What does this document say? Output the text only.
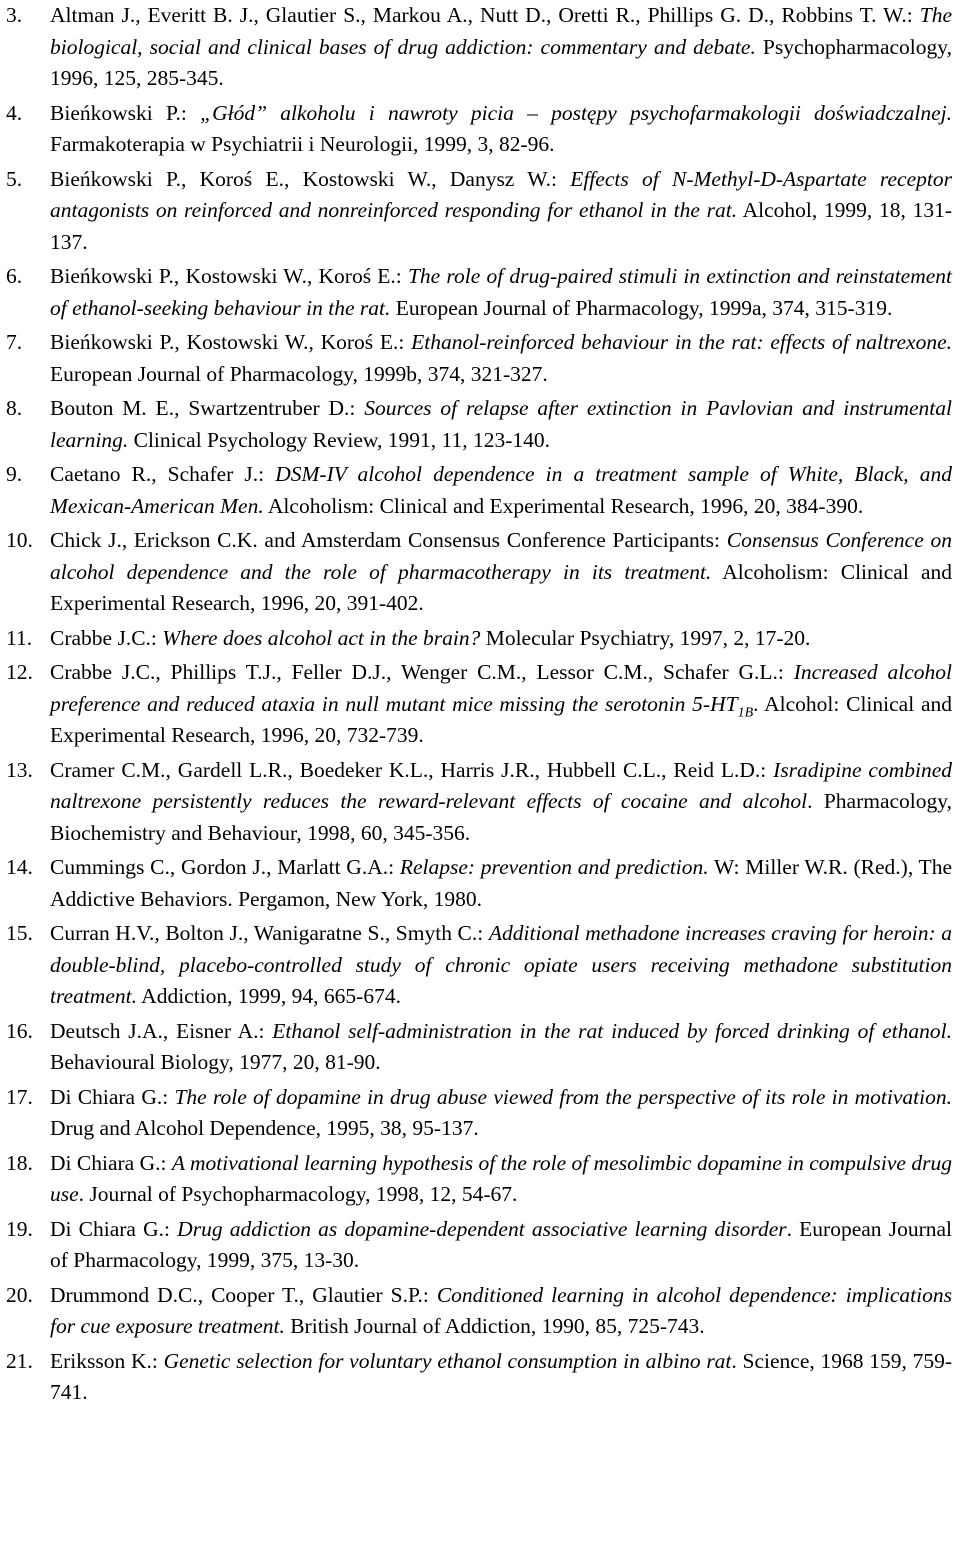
3.	Altman J., Everitt B. J., Glautier S., Markou A., Nutt D., Oretti R., Phillips G. D., Robbins T. W.: The biological, social and clinical bases of drug addiction: commentary and debate. Psychopharmacology, 1996, 125, 285-345.
4.	Bieńkowski P.: „Głód” alkoholu i nawroty picia – postępy psychofarmakologii doświadczalnej. Farmakoterapia w Psychiatrii i Neurologii, 1999, 3, 82-96.
5.	Bieńkowski P., Koroś E., Kostowski W., Danysz W.: Effects of N-Methyl-D-Aspartate receptor antagonists on reinforced and nonreinforced responding for ethanol in the rat. Alcohol, 1999, 18, 131-137.
6.	Bieńkowski P., Kostowski W., Koroś E.: The role of drug-paired stimuli in extinction and reinstatement of ethanol-seeking behaviour in the rat. European Journal of Pharmacology, 1999a, 374, 315-319.
7.	Bieńkowski P., Kostowski W., Koroś E.: Ethanol-reinforced behaviour in the rat: effects of naltrexone. European Journal of Pharmacology, 1999b, 374, 321-327.
8.	Bouton M. E., Swartzentruber D.: Sources of relapse after extinction in Pavlovian and instrumental learning. Clinical Psychology Review, 1991, 11, 123-140.
9.	Caetano R., Schafer J.: DSM-IV alcohol dependence in a treatment sample of White, Black, and Mexican-American Men. Alcoholism: Clinical and Experimental Research, 1996, 20, 384-390.
10. Chick J., Erickson C.K. and Amsterdam Consensus Conference Participants: Consensus Conference on alcohol dependence and the role of pharmacotherapy in its treatment. Alcoholism: Clinical and Experimental Research, 1996, 20, 391-402.
11. Crabbe J.C.: Where does alcohol act in the brain? Molecular Psychiatry, 1997, 2, 17-20.
12. Crabbe J.C., Phillips T.J., Feller D.J., Wenger C.M., Lessor C.M., Schafer G.L.: Increased alcohol preference and reduced ataxia in null mutant mice missing the serotonin $5-HT_{1B}$. Alcohol: Clinical and Experimental Research, 1996, 20, 732-739.
13. Cramer C.M., Gardell L.R., Boedeker K.L., Harris J.R., Hubbell C.L., Reid L.D.: Isradipine combined naltrexone persistently reduces the reward-relevant effects of cocaine and alcohol. Pharmacology, Biochemistry and Behaviour, 1998, 60, 345-356.
14. Cummings C., Gordon J., Marlatt G.A.: Relapse: prevention and prediction. W: Miller W.R. (Red.), The Addictive Behaviors. Pergamon, New York, 1980.
15. Curran H.V., Bolton J., Wanigaratne S., Smyth C.: Additional methadone increases craving for heroin: a double-blind, placebo-controlled study of chronic opiate users receiving methadone substitution treatment. Addiction, 1999, 94, 665-674.
16. Deutsch J.A., Eisner A.: Ethanol self-administration in the rat induced by forced drinking of ethanol. Behavioural Biology, 1977, 20, 81-90.
17. Di Chiara G.: The role of dopamine in drug abuse viewed from the perspective of its role in motivation. Drug and Alcohol Dependence, 1995, 38, 95-137.
18. Di Chiara G.: A motivational learning hypothesis of the role of mesolimbic dopamine in compulsive drug use. Journal of Psychopharmacology, 1998, 12, 54-67.
19. Di Chiara G.: Drug addiction as dopamine-dependent associative learning disorder. European Journal of Pharmacology, 1999, 375, 13-30.
20. Drummond D.C., Cooper T., Glautier S.P.: Conditioned learning in alcohol dependence: implications for cue exposure treatment. British Journal of Addiction, 1990, 85, 725-743.
21. Eriksson K.: Genetic selection for voluntary ethanol consumption in albino rat. Science, 1968 159, 759-741.
